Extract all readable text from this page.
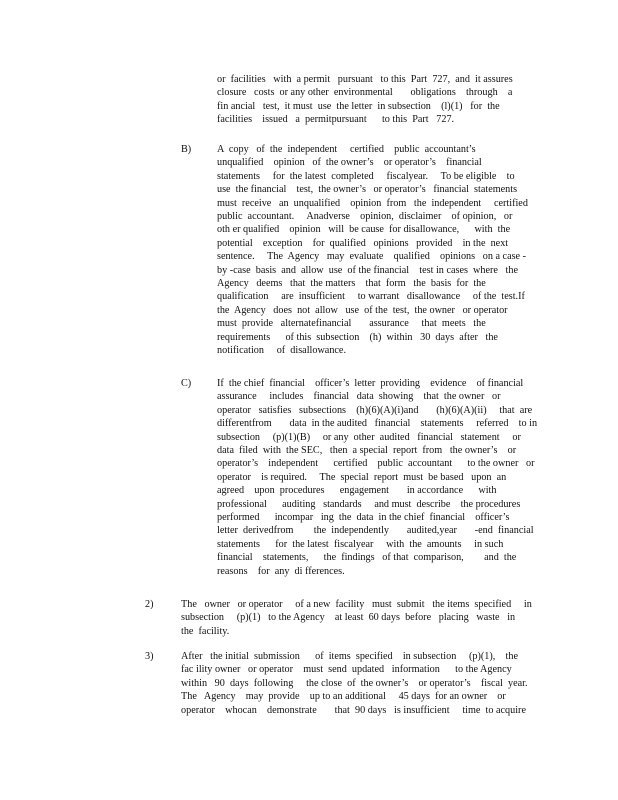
or  facilities   with  a permit   pursuant   to this  Part  727,  and  it assures
closure   costs  or any other  environmental       obligations    through    a
fin ancial   test,  it must  use  the letter  in subsection    (l)(1)   for  the
facilities    issued   a  permitpursuant      to this  Part   727.
B)	A  copy   of  the  independent     certified    public  accountant’s
unqualified    opinion   of  the owner’s    or operator’s    financial
statements     for  the latest  completed     fiscalyear.     To be eligible    to
use  the financial    test,  the owner’s   or operator’s   financial  statements
must  receive   an  unqualified    opinion  from   the  independent     certified
public  accountant.     Anadverse    opinion,  disclaimer    of opinion,   or
oth er qualified    opinion   will  be cause  for disallowance,      with  the
potential    exception    for  qualified   opinions   provided    in the  next
sentence.     The  Agency   may  evaluate    qualified    opinions   on a case -
by -case  basis  and  allow  use  of the financial    test in cases  where   the
Agency   deems   that  the matters    that  form   the  basis  for  the
qualification     are  insufficient     to warrant   disallowance     of the  test.If
the  Agency   does  not  allow   use  of the  test,  the owner   or operator
must  provide   alternatefinancial       assurance     that  meets   the
requirements      of this  subsection    (h)  within   30  days  after   the
notification     of  disallowance.
C)	If  the chief  financial    officer’s  letter  providing    evidence    of financial
assurance     includes    financial   data  showing    that  the owner   or
operator   satisfies   subsections    (h)(6)(A)(i)and       (h)(6)(A)(ii)     that  are
differentfrom       data  in the audited   financial    statements     referred    to in
subsection     (p)(1)(B)     or any  other  audited   financial   statement     or
data  filed  with  the SEC,   then  a special  report  from   the owner’s    or
operator’s    independent      certified    public  accountant      to the owner   or
operator    is required.     The  special  report  must  be based   upon  an
agreed    upon  procedures      engagement       in accordance      with
professional      auditing   standards     and must  describe    the procedures
performed      incompar   ing  the  data  in the chief  financial    officer’s
letter  derivedfrom        the  independently       audited,year       -end  financial
statements      for  the latest  fiscalyear     with  the  amounts     in such
financial    statements,      the  findings   of that  comparison,        and  the
reasons    for  any  di fferences.
2)	The   owner   or operator     of a new  facility   must  submit   the items  specified     in
subsection     (p)(1)   to the Agency    at least  60 days  before   placing   waste   in
the  facility.
3)	After   the initial  submission      of  items  specified    in subsection     (p)(1),    the
fac ility owner   or operator    must  send  updated   information      to the Agency
within   90  days  following     the close  of  the owner’s    or operator’s    fiscal  year.
The   Agency    may  provide    up to an additional     45 days  for an owner    or
operator    whocan    demonstrate       that  90 days   is insufficient     time  to acquire
